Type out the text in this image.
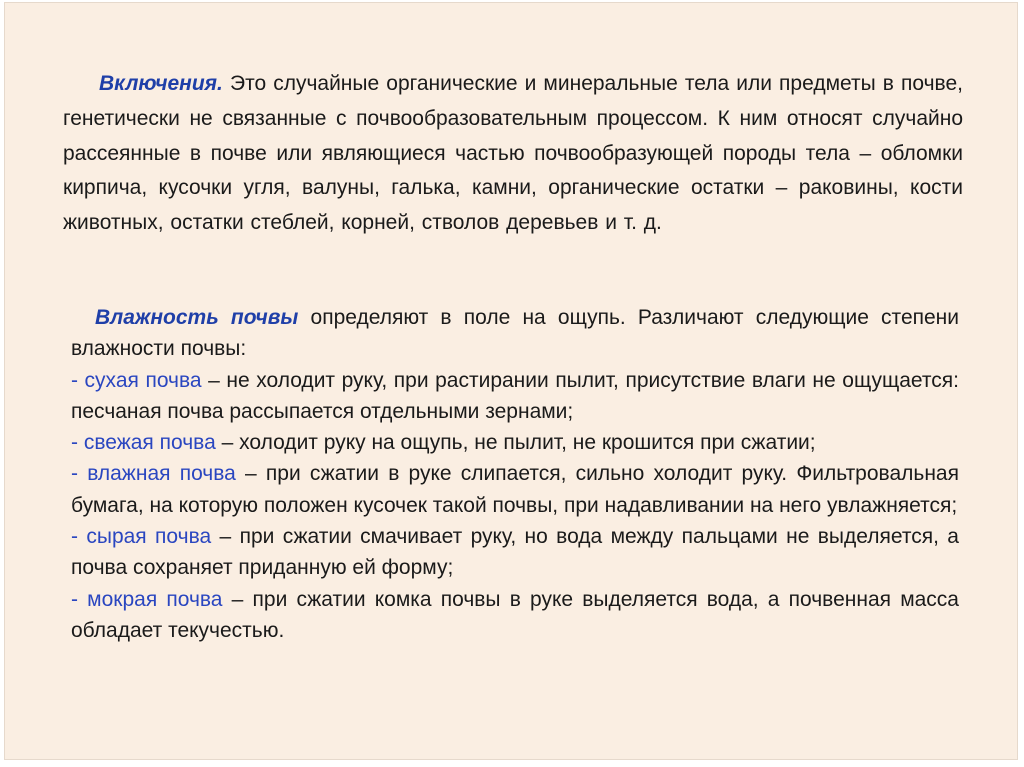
Включения. Это случайные органические и минеральные тела или предметы в почве, генетически не связанные с почвообразовательным процессом. К ним относят случайно рассеянные в почве или являющиеся частью почвообразующей породы тела – обломки кирпича, кусочки угля, валуны, галька, камни, органические остатки – раковины, кости животных, остатки стеблей, корней, стволов деревьев и т. д.

Влажность почвы определяют в поле на ощупь. Различают следующие степени влажности почвы:
- сухая почва – не холодит руку, при растирании пылит, присутствие влаги не ощущается: песчаная почва рассыпается отдельными зернами;
- свежая почва – холодит руку на ощупь, не пылит, не крошится при сжатии;
- влажная почва – при сжатии в руке слипается, сильно холодит руку. Фильтровальная бумага, на которую положен кусочек такой почвы, при надавливании на него увлажняется;
- сырая почва – при сжатии смачивает руку, но вода между пальцами не выделяется, а почва сохраняет приданную ей форму;
- мокрая почва – при сжатии комка почвы в руке выделяется вода, а почвенная масса обладает текучестью.
